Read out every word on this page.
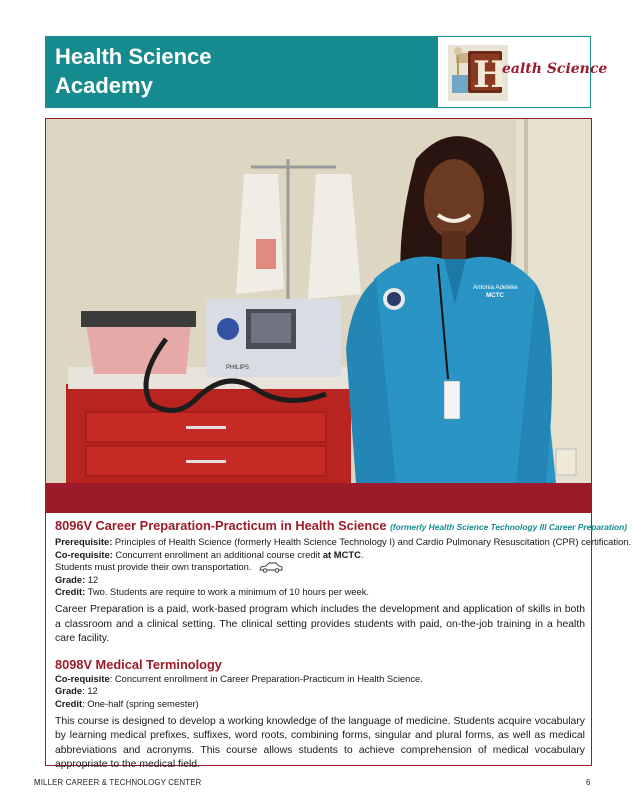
Health Science
Academy	H
ealth Science
PHILIPS
Antonia Adeleke
MCTC

8096V Career Preparation-Practicum in Health Science (formerly Health Science Technology III Career Preparation)

Prerequisite: Principles of Health Science (formerly Health Science Technology I) and Cardio Pulmonary Resuscitation (CPR) certification.

Co-requisite: Concurrent enrollment an additional course credit at MCTC.

Students must provide their own transportation.

Grade: 12

Credit: Two. Students are require to work a minimum of 10 hours per week.

Career Preparation is a paid, work-based program which includes the development and application of skills in both a classroom and a clinical setting. The clinical setting provides students with paid, on-the-job training in a health care facility.

8098V Medical Terminology

Co-requisite: Concurrent enrollment in Career Preparation-Practicum in Health Science.

Grade: 12

Credit: One-half (spring semester)

This course is designed to develop a working knowledge of the language of medicine. Students acquire vocabulary by learning medical prefixes, suffixes, word roots, combining forms, singular and plural forms, as well as medical abbreviations and acronyms. This course allows students to achieve comprehension of medical vocabulary appropriate to the medical field.

MILLER CAREER & TECHNOLOGY CENTER	6
